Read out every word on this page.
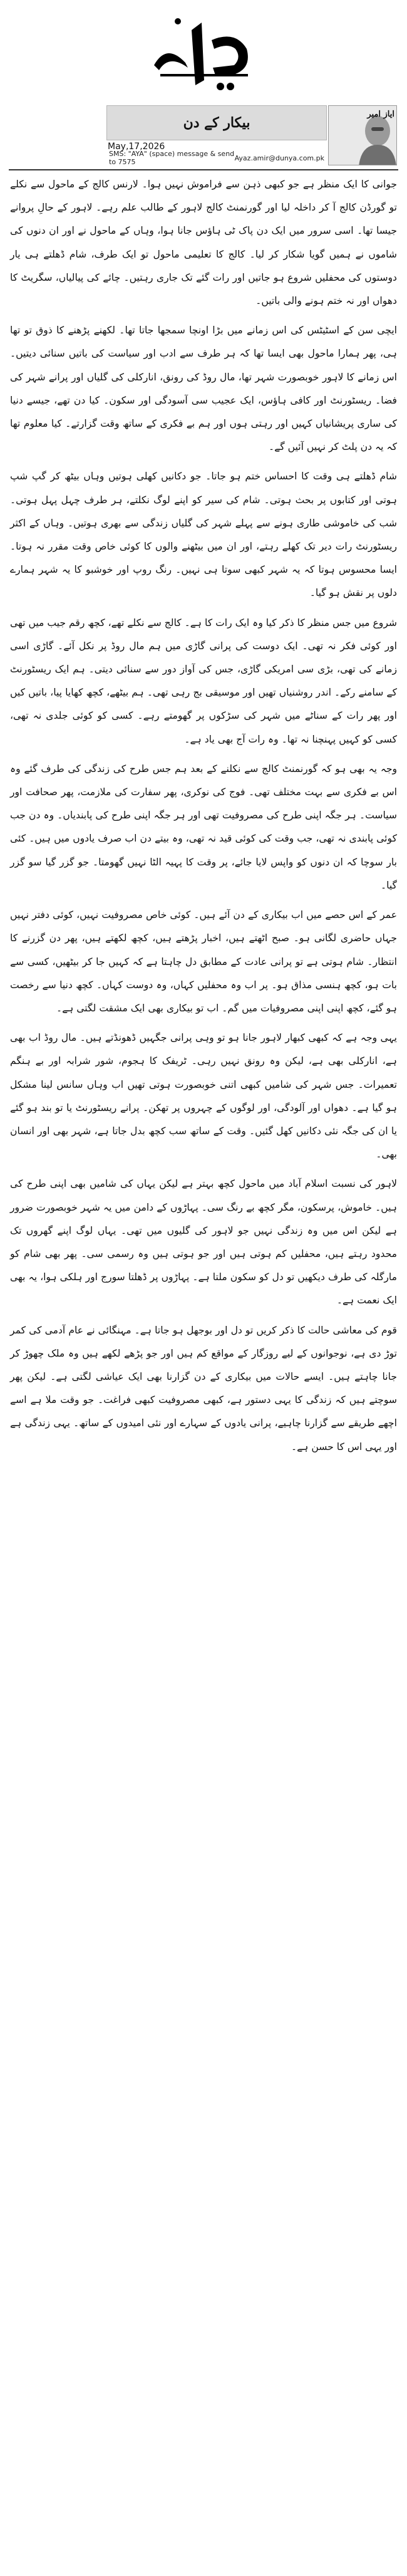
بیکار کے دن
May,17,2026
SMS: "AYA" (space) message & send to 7575	Ayaz.amir@dunya.com.pk
ایاز امیر

جوانی کا ایک منظر ہے جو کبھی ذہن سے فراموش نہیں ہوا۔ لارنس کالج کے ماحول سے نکلے تو گورڈن کالج آ کر داخلہ لیا اور گورنمنٹ کالج لاہور کے طالب علم رہے۔ لاہور کے حالِ پروانے جیسا تھا۔ اسی سرور میں ایک دن پاک ٹی ہاؤس جانا ہوا، وہاں کے ماحول نے اور ان دنوں کی شاموں نے ہمیں گویا شکار کر لیا۔ کالج کا تعلیمی ماحول تو ایک طرف، شام ڈھلتے ہی یار دوستوں کی محفلیں شروع ہو جاتیں اور رات گئے تک جاری رہتیں۔ چائے کی پیالیاں، سگریٹ کا دھواں اور نہ ختم ہونے والی باتیں۔

ایچی سن کے اسٹیٹس کی اس زمانے میں بڑا اونچا سمجھا جاتا تھا۔ لکھنے پڑھنے کا ذوق تو تھا ہی، پھر ہمارا ماحول بھی ایسا تھا کہ ہر طرف سے ادب اور سیاست کی باتیں سنائی دیتیں۔ اس زمانے کا لاہور خوبصورت شہر تھا، مال روڈ کی رونق، انارکلی کی گلیاں اور پرانے شہر کی فضا۔ ریسٹورنٹ اور کافی ہاؤس، ایک عجیب سی آسودگی اور سکون۔ کیا دن تھے، جیسے دنیا کی ساری پریشانیاں کہیں اور رہتی ہوں اور ہم بے فکری کے ساتھ وقت گزارتے۔ کیا معلوم تھا کہ یہ دن پلٹ کر نہیں آئیں گے۔

شام ڈھلتے ہی وقت کا احساس ختم ہو جاتا۔ جو دکانیں کھلی ہوتیں وہاں بیٹھ کر گپ شپ ہوتی اور کتابوں پر بحث ہوتی۔ شام کی سیر کو اپنے لوگ نکلتے، ہر طرف چہل پہل ہوتی۔ شب کی خاموشی طاری ہونے سے پہلے شہر کی گلیاں زندگی سے بھری ہوتیں۔ وہاں کے اکثر ریسٹورنٹ رات دیر تک کھلے رہتے، اور ان میں بیٹھنے والوں کا کوئی خاص وقت مقرر نہ ہوتا۔ ایسا محسوس ہوتا کہ یہ شہر کبھی سوتا ہی نہیں۔ رنگ روپ اور خوشبو کا یہ شہر ہمارے دلوں پر نقش ہو گیا۔

شروع میں جس منظر کا ذکر کیا وہ ایک رات کا ہے۔ کالج سے نکلے تھے، کچھ رقم جیب میں تھی اور کوئی فکر نہ تھی۔ ایک دوست کی پرانی گاڑی میں ہم مال روڈ پر نکل آئے۔ گاڑی اسی زمانے کی تھی، بڑی سی امریکی گاڑی، جس کی آواز دور سے سنائی دیتی۔ ہم ایک ریسٹورنٹ کے سامنے رکے۔ اندر روشنیاں تھیں اور موسیقی بج رہی تھی۔ ہم بیٹھے، کچھ کھایا پیا، باتیں کیں اور پھر رات کے سناٹے میں شہر کی سڑکوں پر گھومتے رہے۔ کسی کو کوئی جلدی نہ تھی، کسی کو کہیں پہنچنا نہ تھا۔ وہ رات آج بھی یاد ہے۔

وجہ یہ بھی ہو کہ گورنمنٹ کالج سے نکلنے کے بعد ہم جس طرح کی زندگی کی طرف گئے وہ اس بے فکری سے بہت مختلف تھی۔ فوج کی نوکری، پھر سفارت کی ملازمت، پھر صحافت اور سیاست۔ ہر جگہ اپنی طرح کی مصروفیت تھی اور ہر جگہ اپنی طرح کی پابندیاں۔ وہ دن جب کوئی پابندی نہ تھی، جب وقت کی کوئی قید نہ تھی، وہ بیتے دن اب صرف یادوں میں ہیں۔ کئی بار سوچا کہ ان دنوں کو واپس لایا جائے، پر وقت کا پہیہ الٹا نہیں گھومتا۔ جو گزر گیا سو گزر گیا۔

عمر کے اس حصے میں اب بیکاری کے دن آئے ہیں۔ کوئی خاص مصروفیت نہیں، کوئی دفتر نہیں جہاں حاضری لگانی ہو۔ صبح اٹھتے ہیں، اخبار پڑھتے ہیں، کچھ لکھتے ہیں، پھر دن گزرنے کا انتظار۔ شام ہوتی ہے تو پرانی عادت کے مطابق دل چاہتا ہے کہ کہیں جا کر بیٹھیں، کسی سے بات ہو، کچھ ہنسی مذاق ہو۔ پر اب وہ محفلیں کہاں، وہ دوست کہاں۔ کچھ دنیا سے رخصت ہو گئے، کچھ اپنی اپنی مصروفیات میں گم۔ اب تو بیکاری بھی ایک مشقت لگتی ہے۔

یہی وجہ ہے کہ کبھی کبھار لاہور جانا ہو تو وہی پرانی جگہیں ڈھونڈتے ہیں۔ مال روڈ اب بھی ہے، انارکلی بھی ہے، لیکن وہ رونق نہیں رہی۔ ٹریفک کا ہجوم، شور شرابہ اور بے ہنگم تعمیرات۔ جس شہر کی شامیں کبھی اتنی خوبصورت ہوتی تھیں اب وہاں سانس لینا مشکل ہو گیا ہے۔ دھواں اور آلودگی، اور لوگوں کے چہروں پر تھکن۔ پرانے ریسٹورنٹ یا تو بند ہو گئے یا ان کی جگہ نئی دکانیں کھل گئیں۔ وقت کے ساتھ سب کچھ بدل جاتا ہے، شہر بھی اور انسان بھی۔

لاہور کی نسبت اسلام آباد میں ماحول کچھ بہتر ہے لیکن یہاں کی شامیں بھی اپنی طرح کی ہیں۔ خاموش، پرسکون، مگر کچھ بے رنگ سی۔ پہاڑوں کے دامن میں یہ شہر خوبصورت ضرور ہے لیکن اس میں وہ زندگی نہیں جو لاہور کی گلیوں میں تھی۔ یہاں لوگ اپنے گھروں تک محدود رہتے ہیں، محفلیں کم ہوتی ہیں اور جو ہوتی ہیں وہ رسمی سی۔ پھر بھی شام کو مارگلہ کی طرف دیکھیں تو دل کو سکون ملتا ہے۔ پہاڑوں پر ڈھلتا سورج اور ہلکی ہوا، یہ بھی ایک نعمت ہے۔

قوم کی معاشی حالت کا ذکر کریں تو دل اور بوجھل ہو جاتا ہے۔ مہنگائی نے عام آدمی کی کمر توڑ دی ہے، نوجوانوں کے لیے روزگار کے مواقع کم ہیں اور جو پڑھے لکھے ہیں وہ ملک چھوڑ کر جانا چاہتے ہیں۔ ایسے حالات میں بیکاری کے دن گزارنا بھی ایک عیاشی لگتی ہے۔ لیکن پھر سوچتے ہیں کہ زندگی کا یہی دستور ہے، کبھی مصروفیت کبھی فراغت۔ جو وقت ملا ہے اسے اچھے طریقے سے گزارنا چاہیے، پرانی یادوں کے سہارے اور نئی امیدوں کے ساتھ۔ یہی زندگی ہے اور یہی اس کا حسن ہے۔
